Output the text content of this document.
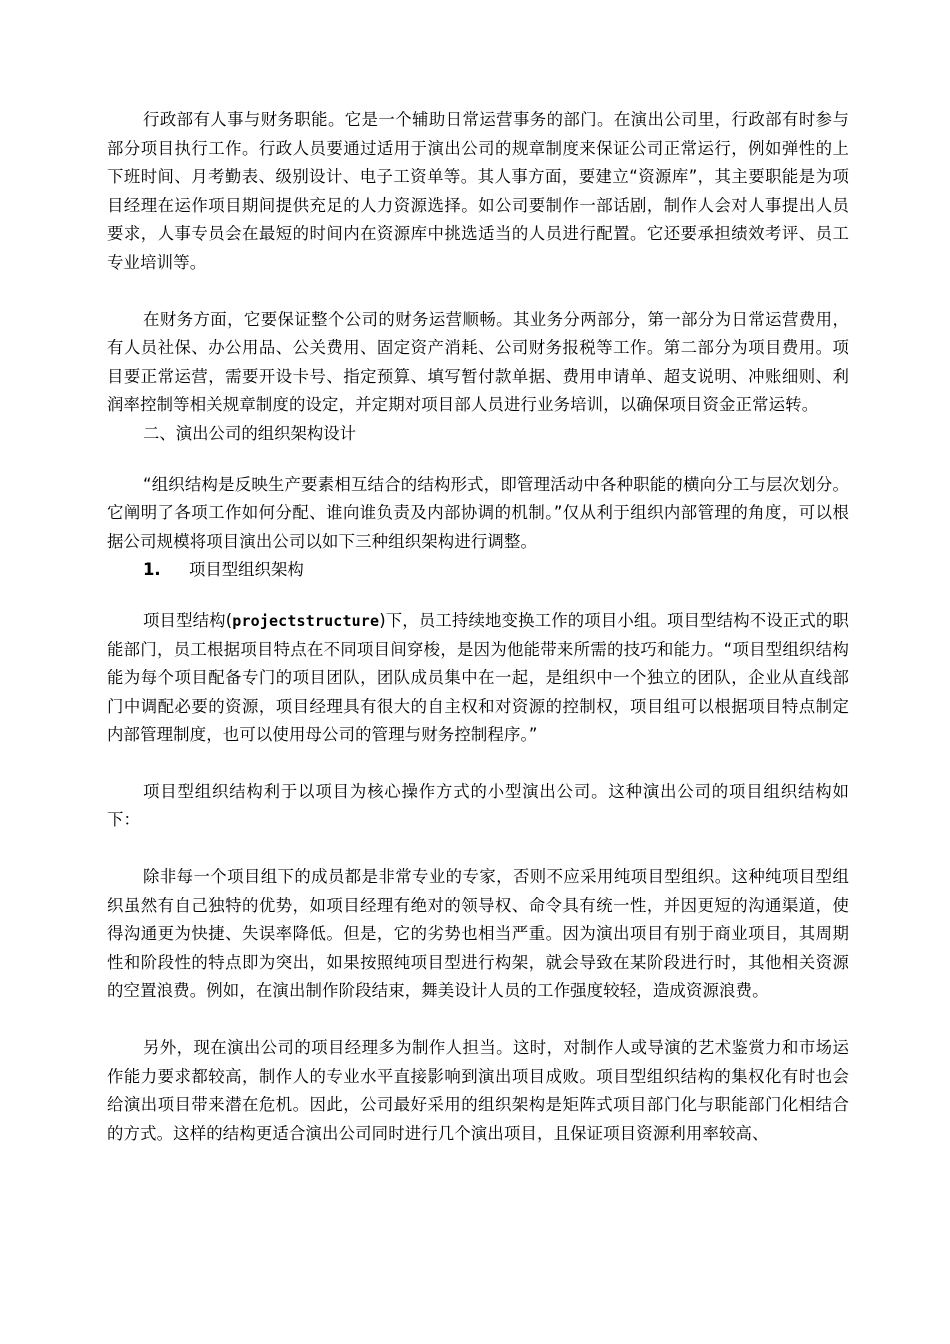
行政部有人事与财务职能。它是一个辅助日常运营事务的部门。在演出公司里，行政部有时参与部分项目执行工作。行政人员要通过适用于演出公司的规章制度来保证公司正常运行，例如弹性的上下班时间、月考勤表、级别设计、电子工资单等。其人事方面，要建立“资源库”，其主要职能是为项目经理在运作项目期间提供充足的人力资源选择。如公司要制作一部话剧，制作人会对人事提出人员要求，人事专员会在最短的时间内在资源库中挑选适当的人员进行配置。它还要承担绩效考评、员工专业培训等。

在财务方面，它要保证整个公司的财务运营顺畅。其业务分两部分，第一部分为日常运营费用，有人员社保、办公用品、公关费用、固定资产消耗、公司财务报税等工作。第二部分为项目费用。项目要正常运营，需要开设卡号、指定预算、填写暂付款单据、费用申请单、超支说明、冲账细则、利润率控制等相关规章制度的设定，并定期对项目部人员进行业务培训，以确保项目资金正常运转。

二、演出公司的组织架构设计

“组织结构是反映生产要素相互结合的结构形式，即管理活动中各种职能的横向分工与层次划分。它阐明了各项工作如何分配、谁向谁负责及内部协调的机制。”仅从利于组织内部管理的角度，可以根据公司规模将项目演出公司以如下三种组织架构进行调整。

1.	项目型组织架构

项目型结构(projectstructure)下，员工持续地变换工作的项目小组。项目型结构不设正式的职能部门，员工根据项目特点在不同项目间穿梭，是因为他能带来所需的技巧和能力。“项目型组织结构能为每个项目配备专门的项目团队，团队成员集中在一起，是组织中一个独立的团队，企业从直线部门中调配必要的资源，项目经理具有很大的自主权和对资源的控制权，项目组可以根据项目特点制定内部管理制度，也可以使用母公司的管理与财务控制程序。”

项目型组织结构利于以项目为核心操作方式的小型演出公司。这种演出公司的项目组织结构如下：

除非每一个项目组下的成员都是非常专业的专家，否则不应采用纯项目型组织。这种纯项目型组织虽然有自己独特的优势，如项目经理有绝对的领导权、命令具有统一性，并因更短的沟通渠道，使得沟通更为快捷、失误率降低。但是，它的劣势也相当严重。因为演出项目有别于商业项目，其周期性和阶段性的特点即为突出，如果按照纯项目型进行构架，就会导致在某阶段进行时，其他相关资源的空置浪费。例如，在演出制作阶段结束，舞美设计人员的工作强度较轻，造成资源浪费。

另外，现在演出公司的项目经理多为制作人担当。这时，对制作人或导演的艺术鉴赏力和市场运作能力要求都较高，制作人的专业水平直接影响到演出项目成败。项目型组织结构的集权化有时也会给演出项目带来潜在危机。因此，公司最好采用的组织架构是矩阵式项目部门化与职能部门化相结合的方式。这样的结构更适合演出公司同时进行几个演出项目，且保证项目资源利用率较高、
